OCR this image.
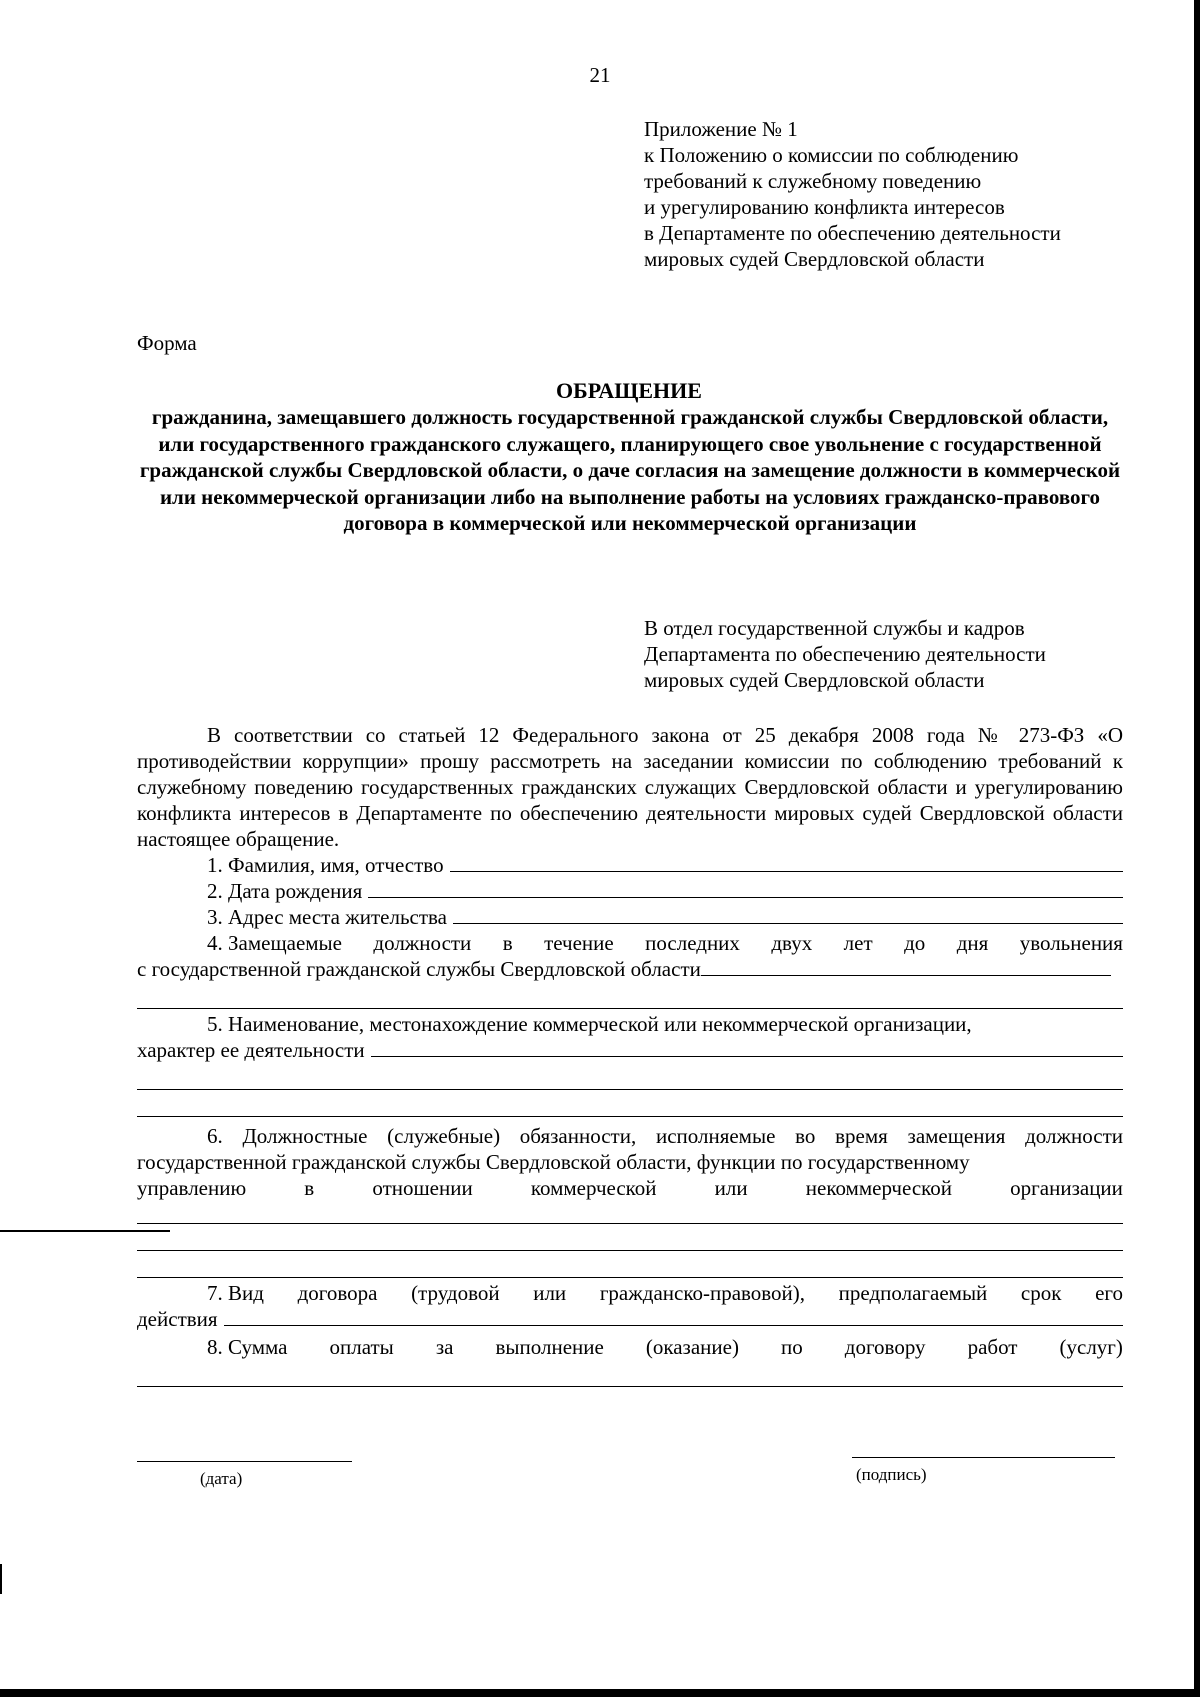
21
Приложение № 1
к Положению о комиссии по соблюдению
требований к служебному поведению
и урегулированию конфликта интересов
в Департаменте по обеспечению деятельности
мировых судей Свердловской области
Форма
ОБРАЩЕНИЕ
гражданина, замещавшего должность государственной гражданской службы Свердловской области, или государственного гражданского служащего, планирующего свое увольнение с государственной гражданской службы Свердловской области, о даче согласия на замещение должности в коммерческой или некоммерческой организации либо на выполнение работы на условиях гражданско-правового договора в коммерческой или некоммерческой организации
В отдел государственной службы и кадров
Департамента по обеспечению деятельности
мировых судей Свердловской области

В соответствии со статьей 12 Федерального закона от 25 декабря 2008 года № 273-ФЗ «О противодействии коррупции» прошу рассмотреть на заседании комиссии по соблюдению требований к служебному поведению государственных гражданских служащих Свердловской области и урегулированию конфликта интересов в Департаменте по обеспечению деятельности мировых судей Свердловской области настоящее обращение.

1. Фамилия, имя, отчество
2. Дата рождения
3. Адрес места жительства
4. Замещаемые должности в течение последних двух лет до дня увольнения
с государственной гражданской службы Свердловской области
5. Наименование, местонахождение коммерческой или некоммерческой организации,
характер ее деятельности

6. Должностные (служебные) обязанности, исполняемые во время замещения должности государственной гражданской службы Свердловской области, функции по государственному

управлению	в	отношении	коммерческой	или	некоммерческой	организации
7. Вид договора (трудовой или гражданско-правовой), предполагаемый срок его
действия
8. Сумма оплаты за выполнение (оказание) по договору работ (услуг)
(дата)	(подпись)
